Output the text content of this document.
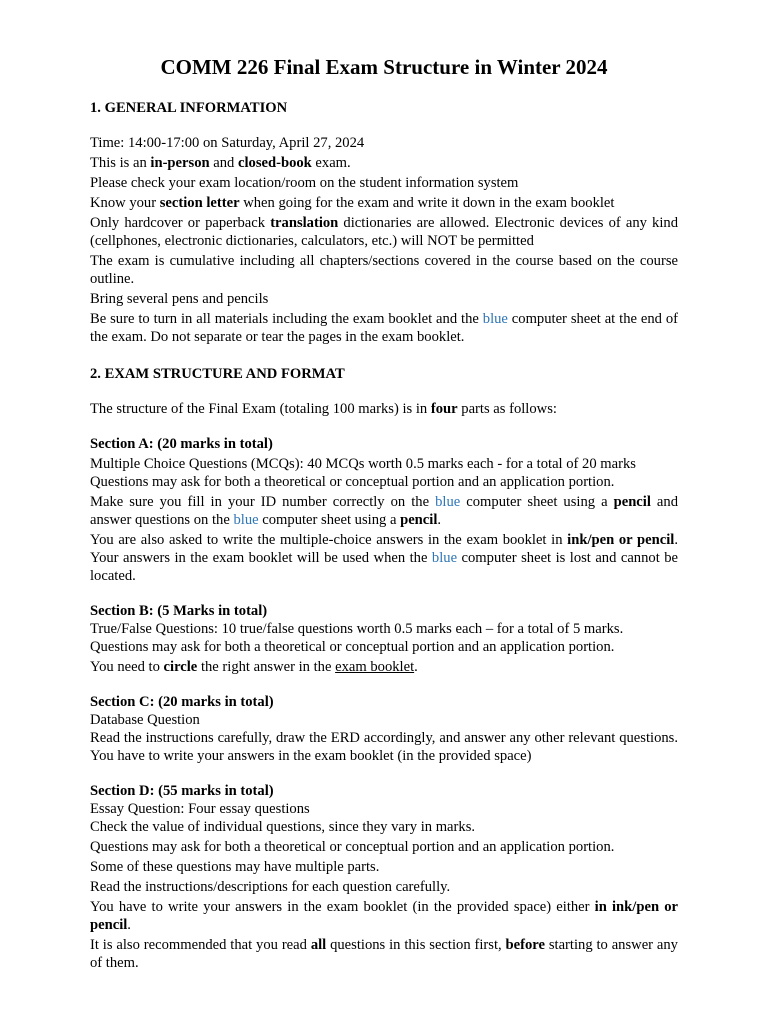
COMM 226 Final Exam Structure in Winter 2024
1. GENERAL INFORMATION

Time: 14:00-17:00 on Saturday, April 27, 2024

This is an in-person and closed-book exam.

Please check your exam location/room on the student information system

Know your section letter when going for the exam and write it down in the exam booklet

Only hardcover or paperback translation dictionaries are allowed. Electronic devices of any kind (cellphones, electronic dictionaries, calculators, etc.) will NOT be permitted

The exam is cumulative including all chapters/sections covered in the course based on the course outline.

Bring several pens and pencils

Be sure to turn in all materials including the exam booklet and the blue computer sheet at the end of the exam. Do not separate or tear the pages in the exam booklet.

2. EXAM STRUCTURE AND FORMAT

The structure of the Final Exam (totaling 100 marks) is in four parts as follows:

Section A: (20 marks in total)

Multiple Choice Questions (MCQs): 40 MCQs worth 0.5 marks each - for a total of 20 marks

Questions may ask for both a theoretical or conceptual portion and an application portion.

Make sure you fill in your ID number correctly on the blue computer sheet using a pencil and answer questions on the blue computer sheet using a pencil.

You are also asked to write the multiple-choice answers in the exam booklet in ink/pen or pencil. Your answers in the exam booklet will be used when the blue computer sheet is lost and cannot be located.

Section B: (5 Marks in total)

True/False Questions: 10 true/false questions worth 0.5 marks each – for a total of 5 marks.

Questions may ask for both a theoretical or conceptual portion and an application portion.

You need to circle the right answer in the exam booklet.

Section C: (20 marks in total)

Database Question

Read the instructions carefully, draw the ERD accordingly, and answer any other relevant questions. You have to write your answers in the exam booklet (in the provided space)

Section D: (55 marks in total)

Essay Question: Four essay questions

Check the value of individual questions, since they vary in marks.

Questions may ask for both a theoretical or conceptual portion and an application portion.

Some of these questions may have multiple parts.

Read the instructions/descriptions for each question carefully.

You have to write your answers in the exam booklet (in the provided space) either in ink/pen or pencil.

It is also recommended that you read all questions in this section first, before starting to answer any of them.
